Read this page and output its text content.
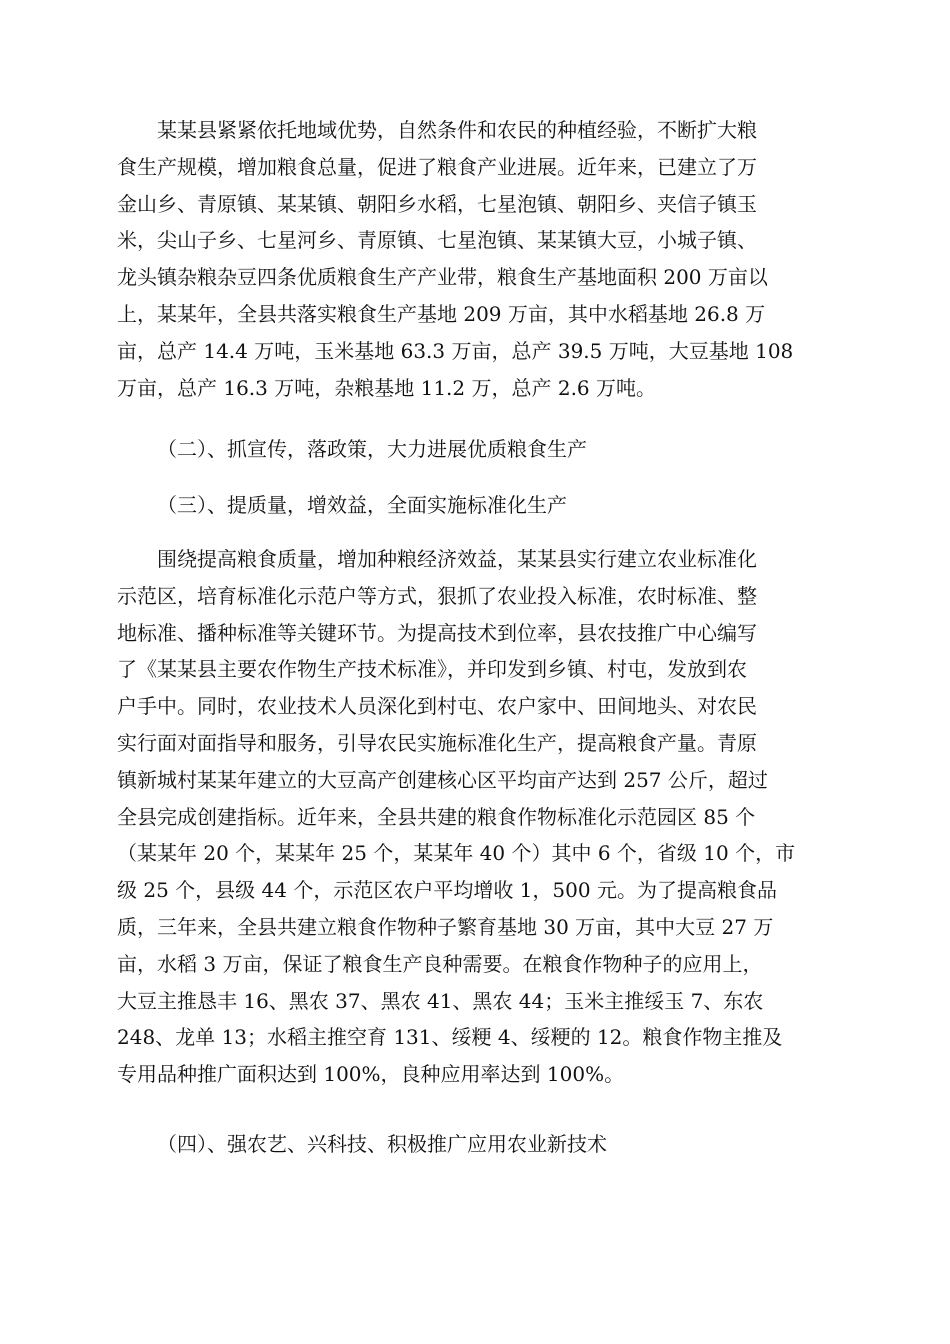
某某县紧紧依托地域优势，自然条件和农民的种植经验，不断扩大粮
食生产规模，增加粮食总量，促进了粮食产业进展。近年来，已建立了万
金山乡、青原镇、某某镇、朝阳乡水稻，七星泡镇、朝阳乡、夹信子镇玉
米，尖山子乡、七星河乡、青原镇、七星泡镇、某某镇大豆，小城子镇、
龙头镇杂粮杂豆四条优质粮食生产产业带，粮食生产基地面积 200 万亩以
上，某某年，全县共落实粮食生产基地 209 万亩，其中水稻基地 26.8 万
亩，总产 14.4 万吨，玉米基地 63.3 万亩，总产 39.5 万吨，大豆基地 108
万亩，总产 16.3 万吨，杂粮基地 11.2 万，总产 2.6 万吨。

（二）、抓宣传，落政策，大力进展优质粮食生产

（三）、提质量，增效益，全面实施标准化生产

围绕提高粮食质量，增加种粮经济效益，某某县实行建立农业标准化
示范区，培育标准化示范户等方式，狠抓了农业投入标准，农时标准、整
地标准、播种标准等关键环节。为提高技术到位率，县农技推广中心编写
了《某某县主要农作物生产技术标准》，并印发到乡镇、村屯，发放到农
户手中。同时，农业技术人员深化到村屯、农户家中、田间地头、对农民
实行面对面指导和服务，引导农民实施标准化生产，提高粮食产量。青原
镇新城村某某年建立的大豆高产创建核心区平均亩产达到 257 公斤，超过
全县完成创建指标。近年来，全县共建的粮食作物标准化示范园区 85 个
（某某年 20 个，某某年 25 个，某某年 40 个）其中 6 个，省级 10 个，市
级 25 个，县级 44 个，示范区农户平均增收 1，500 元。为了提高粮食品
质，三年来，全县共建立粮食作物种子繁育基地 30 万亩，其中大豆 27 万
亩，水稻 3 万亩，保证了粮食生产良种需要。在粮食作物种子的应用上，
大豆主推恳丰 16、黑农 37、黑农 41、黑农 44；玉米主推绥玉 7、东农
248、龙单 13；水稻主推空育 131、绥粳 4、绥粳的 12。粮食作物主推及
专用品种推广面积达到 100%，良种应用率达到 100%。

（四）、强农艺、兴科技、积极推广应用农业新技术
